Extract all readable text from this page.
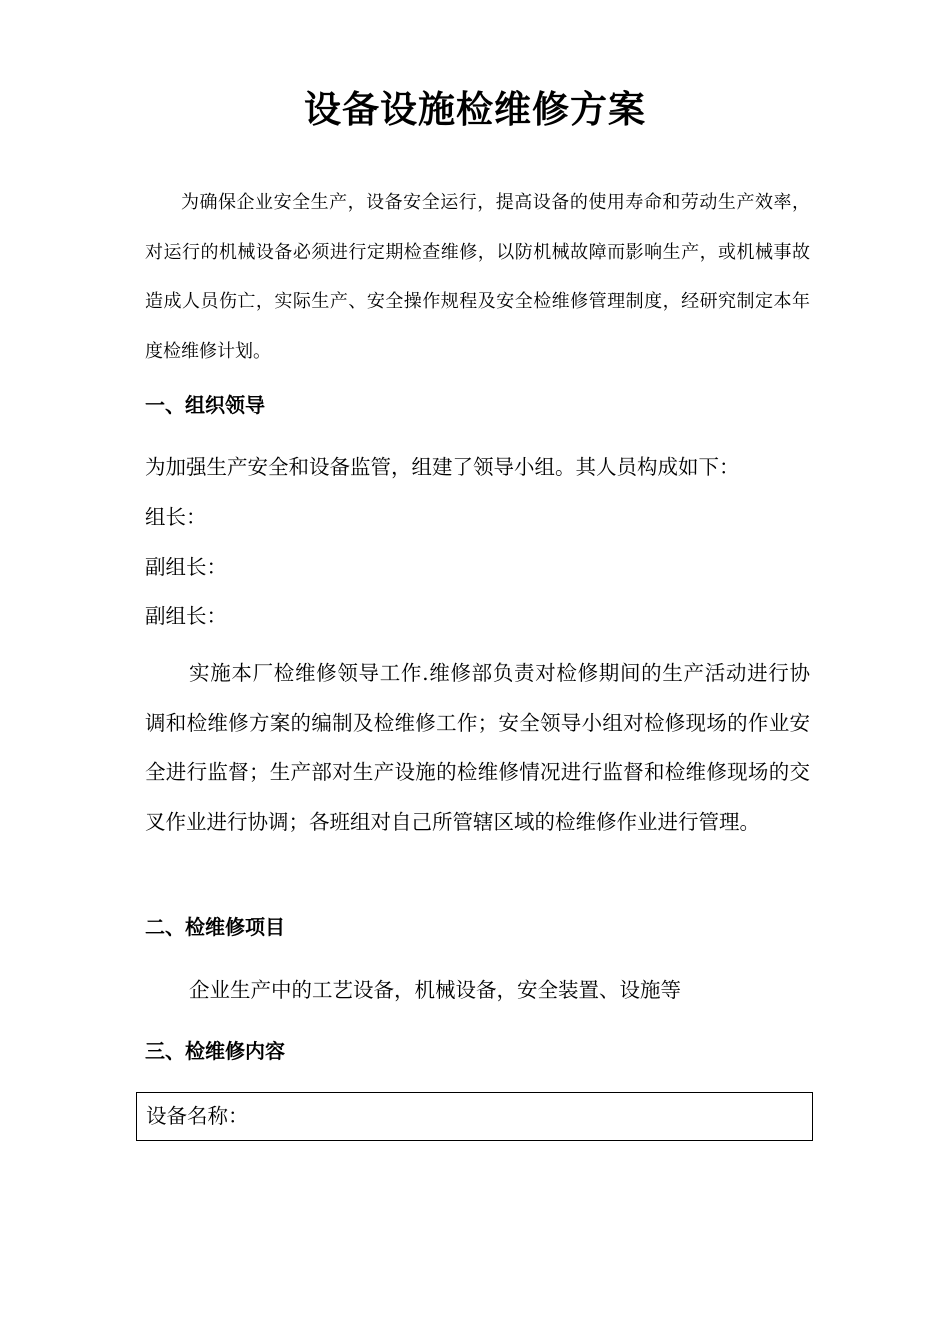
设备设施检维修方案
为确保企业安全生产，设备安全运行，提高设备的使用寿命和劳动生产效率，对运行的机械设备必须进行定期检查维修，以防机械故障而影响生产，或机械事故造成人员伤亡，实际生产、安全操作规程及安全检维修管理制度，经研究制定本年度检维修计划。
一、组织领导
为加强生产安全和设备监管，组建了领导小组。其人员构成如下：
组长：
副组长：
副组长：
实施本厂检维修领导工作.维修部负责对检修期间的生产活动进行协调和检维修方案的编制及检维修工作；安全领导小组对检修现场的作业安全进行监督；生产部对生产设施的检维修情况进行监督和检维修现场的交叉作业进行协调；各班组对自己所管辖区域的检维修作业进行管理。
二、检维修项目
企业生产中的工艺设备，机械设备，安全装置、设施等
三、检维修内容
设备名称：
